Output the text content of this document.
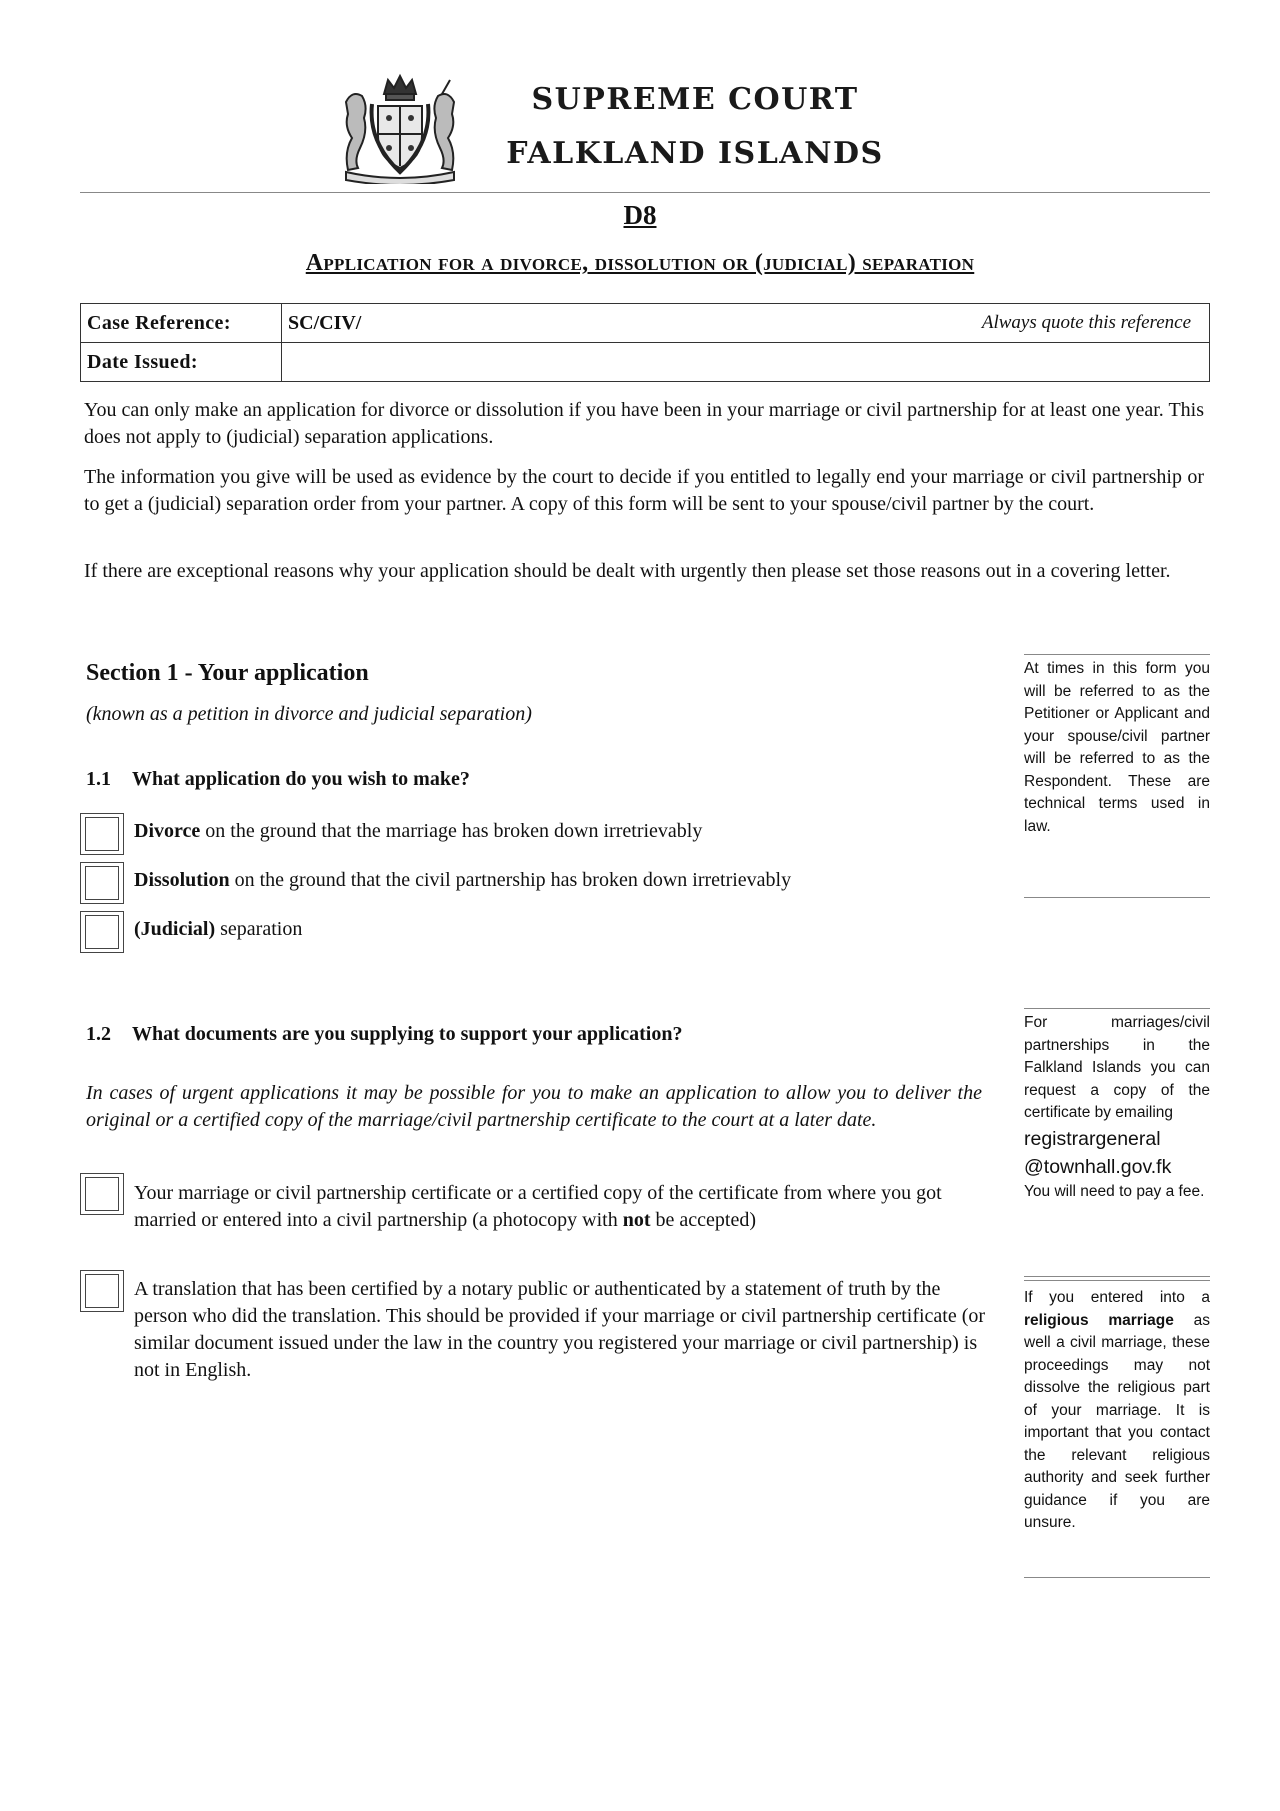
SUPREME COURT
FALKLAND ISLANDS
D8
Application for a divorce, dissolution or (judicial) separation
Case Reference:	SC/CIV/ Always quote this reference

Date Issued:	
You can only make an application for divorce or dissolution if you have been in your marriage or civil partnership for at least one year. This does not apply to (judicial) separation applications.
The information you give will be used as evidence by the court to decide if you entitled to legally end your marriage or civil partnership or to get a (judicial) separation order from your partner. A copy of this form will be sent to your spouse/civil partner by the court.
If there are exceptional reasons why your application should be dealt with urgently then please set those reasons out in a covering letter.
Section 1 - Your application
(known as a petition in divorce and judicial separation)
1.1 What application do you wish to make?
Divorce on the ground that the marriage has broken down irretrievably
Dissolution on the ground that the civil partnership has broken down irretrievably
(Judicial) separation
1.2 What documents are you supplying to support your application?
In cases of urgent applications it may be possible for you to make an application to allow you to deliver the original or a certified copy of the marriage/civil partnership certificate to the court at a later date.
Your marriage or civil partnership certificate or a certified copy of the certificate from where you got married or entered into a civil partnership (a photocopy with not be accepted)
A translation that has been certified by a notary public or authenticated by a statement of truth by the person who did the translation. This should be provided if your marriage or civil partnership certificate (or similar document issued under the law in the country you registered your marriage or civil partnership) is not in English.
At times in this form you will be referred to as the Petitioner or Applicant and your spouse/civil partner will be referred to as the Respondent. These are technical terms used in law.
For marriages/civil partnerships in the Falkland Islands you can request a copy of the certificate by emailing
registrargeneral
@townhall.gov.fk
You will need to pay a fee.
If you entered into a religious marriage as well a civil marriage, these proceedings may not dissolve the religious part of your marriage. It is important that you contact the relevant religious authority and seek further guidance if you are unsure.
